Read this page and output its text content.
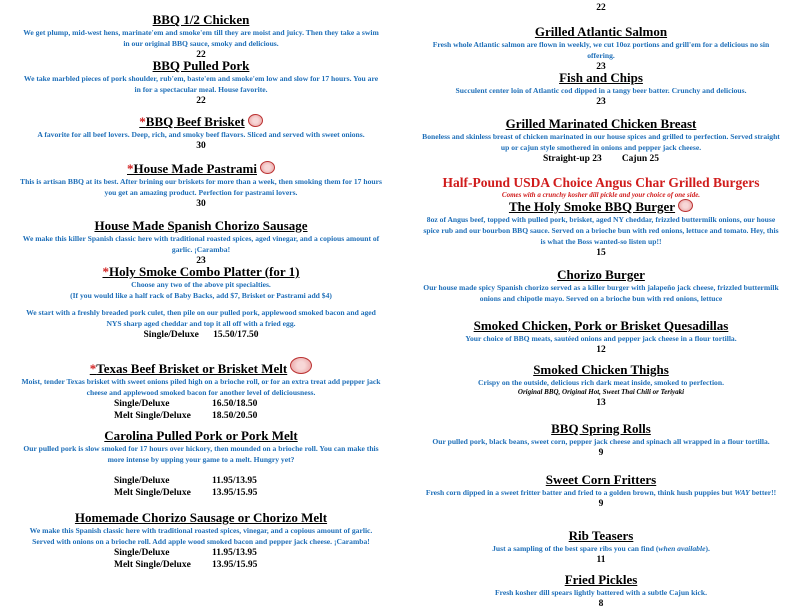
BBQ 1/2 Chicken
We get plump, mid-west hens, marinate'em and smoke'em till they are moist and juicy. Then they take a swim in our original BBQ sauce, smoky and delicious.
22
BBQ Pulled Pork
We take marbled pieces of pork shoulder, rub'em, baste'em and smoke'em low and slow for 17 hours. You are in for a spectacular meal. House favorite.
22
*BBQ Beef Brisket
A favorite for all beef lovers. Deep, rich, and smoky beef flavors. Sliced and served with sweet onions.
30
*House Made Pastrami
This is artisan BBQ at its best. After brining our briskets for more than a week, then smoking them for 17 hours you get an amazing product. Perfection for pastrami lovers.
30
House Made Spanish Chorizo Sausage
We make this killer Spanish classic here with traditional roasted spices, aged vinegar, and a copious amount of garlic. ¡Caramba!
23
*Holy Smoke Combo Platter (for 1)
Choose any two of the above pit specialties.
(If you would like a half rack of Baby Backs, add $7, Brisket or Pastrami add $4)
We start with a freshly breaded pork culet, then pile on our pulled pork, applewood smoked bacon and aged NYS sharp aged cheddar and top it all off with a fried egg.
Single/Deluxe      15.50/17.50
*Texas Beef Brisket or Brisket Melt
Moist, tender Texas brisket with sweet onions piled high on a brioche roll, or for an extra treat add pepper jack cheese and applewood smoked bacon for another level of deliciousness.
Single/Deluxe	16.50/18.50
Melt Single/Deluxe	18.50/20.50
Carolina Pulled Pork or Pork Melt
Our pulled pork is slow smoked for 17 hours over hickory, then mounded on a brioche roll. You can make this more intense by upping your game to a melt. Hungry yet?
Single/Deluxe	11.95/13.95
Melt Single/Deluxe	13.95/15.95
Homemade Chorizo Sausage or Chorizo Melt
We make this Spanish classic here with traditional roasted spices, vinegar, and a copious amount of garlic. Served with onions on a brioche roll. Add apple wood smoked bacon and pepper jack cheese. ¡Caramba!
Single/Deluxe	11.95/13.95
Melt Single/Deluxe	13.95/15.95
22
Grilled Atlantic Salmon
Fresh whole Atlantic salmon are flown in weekly, we cut 10oz portions and grill'em for a delicious no sin offering.
23
Fish and Chips
Succulent center loin of Atlantic cod dipped in a tangy beer batter. Crunchy and delicious.
23
Grilled Marinated Chicken Breast
Boneless and skinless breast of chicken marinated in our house spices and grilled to perfection. Served straight up or cajun style smothered in onions and pepper jack cheese.
Straight-up 23 Cajun 25
Half-Pound USDA Choice Angus Char Grilled Burgers
Comes with a crunchy kosher dill pickle and your choice of one side.
The Holy Smoke BBQ Burger
8oz of Angus beef, topped with pulled pork, brisket, aged NY cheddar, frizzled buttermilk onions, our house spice rub and our bourbon BBQ sauce. Served on a brioche bun with red onions, lettuce and tomato. Hey, this is what the Boss wanted-so listen up!!
15
Chorizo Burger
Our house made spicy Spanish chorizo served as a killer burger with jalapeño jack cheese, frizzled buttermilk onions and chipotle mayo. Served on a brioche bun with red onions, lettuce
Smoked Chicken, Pork or Brisket Quesadillas
Your choice of BBQ meats, sautéed onions and pepper jack cheese in a flour tortilla.
12
Smoked Chicken Thighs
Crispy on the outside, delicious rich dark meat inside, smoked to perfection.
Original BBQ, Original Hot, Sweet Thai Chili or Teriyaki
13
BBQ Spring Rolls
Our pulled pork, black beans, sweet corn, pepper jack cheese and spinach all wrapped in a flour tortilla.
9
Sweet Corn Fritters
Fresh corn dipped in a sweet fritter batter and fried to a golden brown, think hush puppies but WAY better!!
9
Rib Teasers
Just a sampling of the best spare ribs you can find (when available).
11
Fried Pickles
Fresh kosher dill spears lightly battered with a subtle Cajun kick.
8
